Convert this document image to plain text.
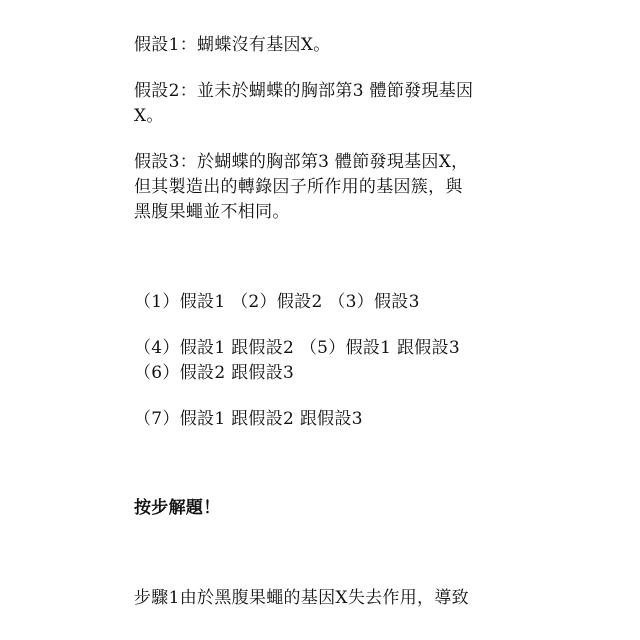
假設1：蝴蝶沒有基因X。
假設2：並未於蝴蝶的胸部第3 體節發現基因
X。
假設3：於蝴蝶的胸部第3 體節發現基因X，
但其製造出的轉錄因子所作用的基因簇，與
黑腹果蠅並不相同。
（1）假設1 （2）假設2 （3）假設3
（4）假設1 跟假設2 （5）假設1 跟假設3
（6）假設2 跟假設3
（7）假設1 跟假設2 跟假設3
按步解題！
步驟1由於黑腹果蠅的基因X失去作用，導致
